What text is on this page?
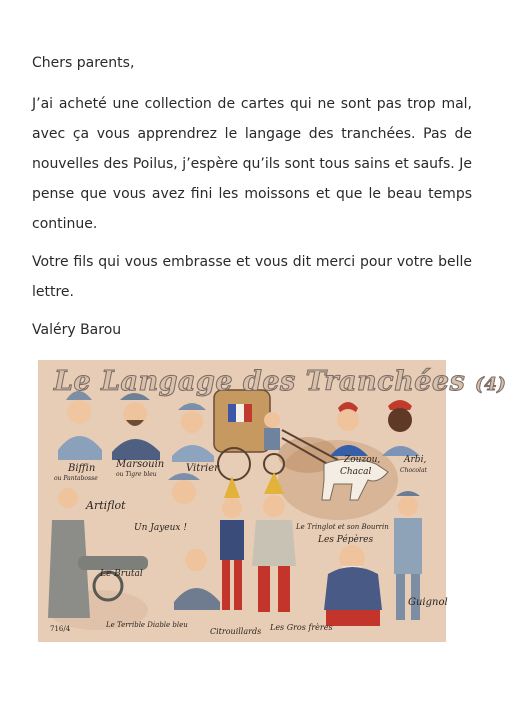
Chers parents,

J’ai acheté une collection de cartes qui ne sont pas trop mal, avec ça vous apprendrez le langage des tranchées. Pas de nouvelles des Poilus, j’espère qu’ils sont tous sains et saufs. Je pense que vous avez fini les moissons et que le beau temps continue.

Votre fils qui vous embrasse et vous dit merci pour votre belle lettre.

Valéry Barou

Le Langage des Tranchées (4)
Biffin
ou Pantabosse
Marsouin
ou Tigre bleu
Vitrier
Zouzou,
Chacal
Arbi,
Chocolat
Artiflot
Un Jayeux !
Le Brutal
Le Tringlot et son Bourrin
Les Pépères
Guignol
Le Terrible Diable bleu
Citrouillards Les Gros frères
716/4
